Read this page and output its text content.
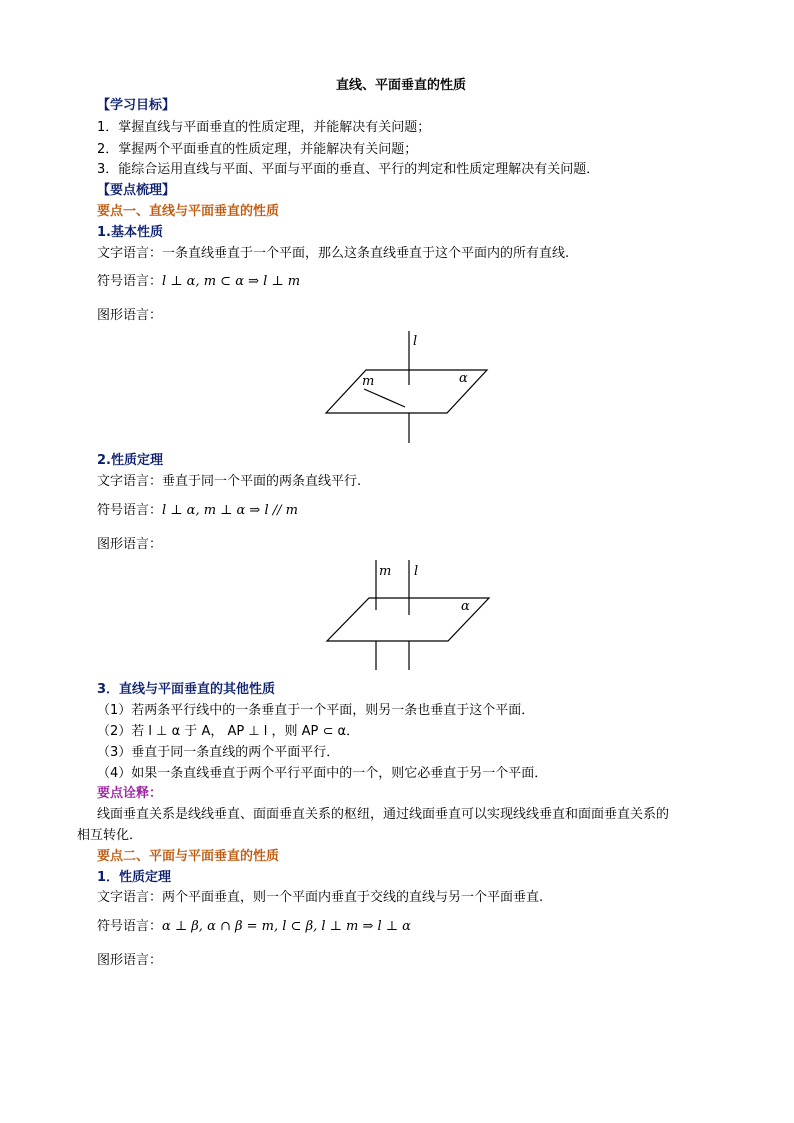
直线、平面垂直的性质
【学习目标】
1．掌握直线与平面垂直的性质定理，并能解决有关问题；
2．掌握两个平面垂直的性质定理，并能解决有关问题；
3．能综合运用直线与平面、平面与平面的垂直、平行的判定和性质定理解决有关问题．
【要点梳理】
要点一、直线与平面垂直的性质
1.基本性质
文字语言：一条直线垂直于一个平面，那么这条直线垂直于这个平面内的所有直线.
符号语言：l ⊥ α, m ⊂ α ⇒ l ⊥ m
图形语言：
l
m	α
m l
α
2.性质定理
文字语言：垂直于同一个平面的两条直线平行.
符号语言：l ⊥ α, m ⊥ α ⇒ l // m
图形语言：
3．直线与平面垂直的其他性质
（1）若两条平行线中的一条垂直于一个平面，则另一条也垂直于这个平面．
（2）若 l ⊥ α 于 A， AP ⊥ l ，则 AP ⊂ α．
（3）垂直于同一条直线的两个平面平行．
（4）如果一条直线垂直于两个平行平面中的一个，则它必垂直于另一个平面．
要点诠释：
线面垂直关系是线线垂直、面面垂直关系的枢纽，通过线面垂直可以实现线线垂直和面面垂直关系的
相互转化．
要点二、平面与平面垂直的性质
1．性质定理
文字语言：两个平面垂直，则一个平面内垂直于交线的直线与另一个平面垂直.
符号语言：α ⊥ β, α ∩ β = m, l ⊂ β, l ⊥ m ⇒ l ⊥ α
图形语言：
